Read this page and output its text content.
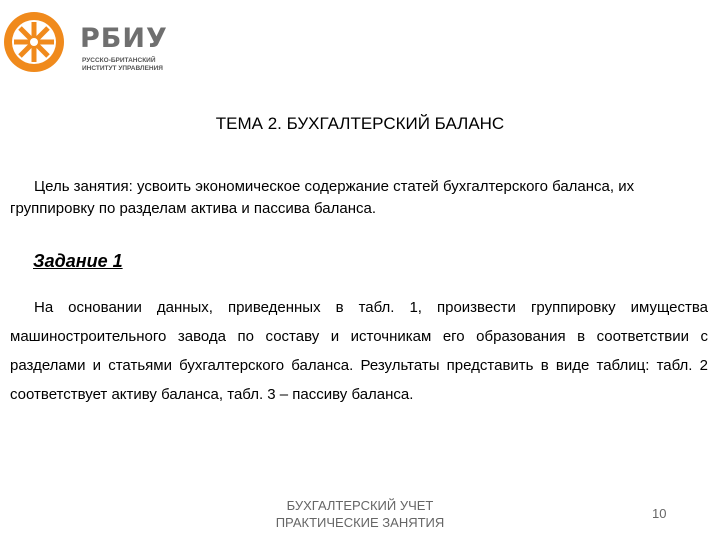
РБИУ
РУССКО-БРИТАНСКИЙ
ИНСТИТУТ УПРАВЛЕНИЯ
ТЕМА 2. БУХГАЛТЕРСКИЙ БАЛАНС
Цель занятия: усвоить экономическое содержание статей бухгалтерского баланса, их группировку по разделам актива и пассива баланса.
Задание 1
На основании данных, приведенных в табл. 1, произвести группировку имущества машиностроительного завода по составу и источникам его образования в соответствии с разделами и статьями бухгалтерского баланса. Результаты представить в виде таблиц: табл. 2 соответствует активу баланса, табл. 3 – пассиву баланса.
БУХГАЛТЕРСКИЙ УЧЕТ
ПРАКТИЧЕСКИЕ ЗАНЯТИЯ
10
